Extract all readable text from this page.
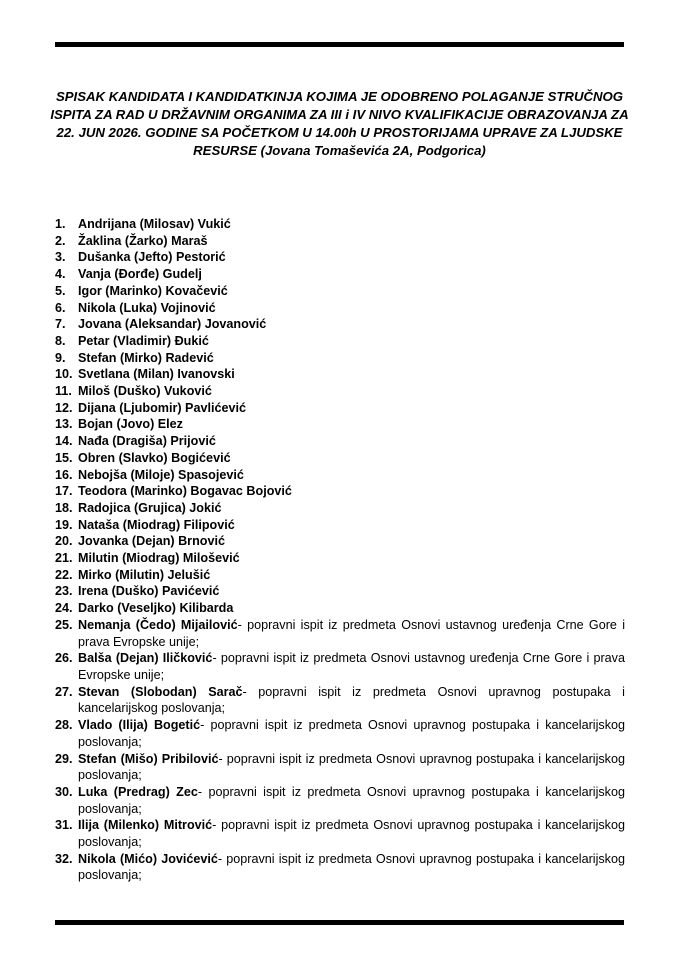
SPISAK KANDIDATA I KANDIDATKINJA KOJIMA JE ODOBRENO POLAGANJE STRUČNOG ISPITA ZA RAD U DRŽAVNIM ORGANIMA ZA III i IV NIVO KVALIFIKACIJE OBRAZOVANJA ZA 22. JUN 2026. GODINE SA POČETKOM U 14.00h U PROSTORIJAMA UPRAVE ZA LJUDSKE RESURSE (Jovana Tomaševića 2A, Podgorica)
1. Andrijana (Milosav) Vukić
2. Žaklina (Žarko) Maraš
3. Dušanka (Jefto) Pestorić
4. Vanja (Đorđe) Gudelj
5. Igor (Marinko) Kovačević
6. Nikola (Luka) Vojinović
7. Jovana (Aleksandar) Jovanović
8. Petar (Vladimir) Đukić
9. Stefan (Mirko) Radević
10. Svetlana (Milan) Ivanovski
11. Miloš (Duško) Vuković
12. Dijana (Ljubomir) Pavlićević
13. Bojan (Jovo) Elez
14. Nađa (Dragiša) Prijović
15. Obren (Slavko) Bogićević
16. Nebojša (Miloje) Spasojević
17. Teodora (Marinko) Bogavac Bojović
18. Radojica (Grujica) Jokić
19. Nataša (Miodrag) Filipović
20. Jovanka (Dejan) Brnović
21. Milutin (Miodrag) Milošević
22. Mirko (Milutin) Jelušić
23. Irena (Duško) Pavićević
24. Darko (Veseljko) Kilibarda
25. Nemanja (Čedo) Mijailović- popravni ispit iz predmeta Osnovi ustavnog uređenja Crne Gore i prava Evropske unije;
26. Balša (Dejan) Iličković- popravni ispit iz predmeta Osnovi ustavnog uređenja Crne Gore i prava Evropske unije;
27. Stevan (Slobodan) Sarač- popravni ispit iz predmeta Osnovi upravnog postupaka i kancelarijskog poslovanja;
28. Vlado (Ilija) Bogetić- popravni ispit iz predmeta Osnovi upravnog postupaka i kancelarijskog poslovanja;
29. Stefan (Mišo) Pribilović- popravni ispit iz predmeta Osnovi upravnog postupaka i kancelarijskog poslovanja;
30. Luka (Predrag) Zec- popravni ispit iz predmeta Osnovi upravnog postupaka i kancelarijskog poslovanja;
31. Ilija (Milenko) Mitrović- popravni ispit iz predmeta Osnovi upravnog postupaka i kancelarijskog poslovanja;
32. Nikola (Mićo) Jovićević- popravni ispit iz predmeta Osnovi upravnog postupaka i kancelarijskog poslovanja;
